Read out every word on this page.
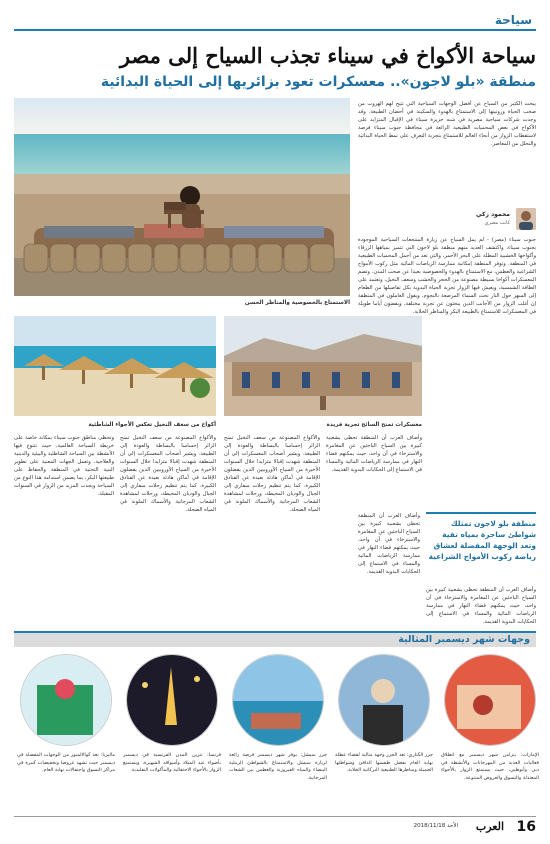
سياحة
سياحة الأكواخ في سيناء تجذب السياح إلى مصر
منطقة «بلو لاجون».. معسكرات تعود بزائريها إلى الحياة البدائية
يبحث الكثير من السياح عن أفضل الوجهات السياحية التي تتيح لهم الهروب من صخب الحياة وروتينها إلى الاستمتاع بالهدوء والسكينة في أحضان الطبيعة. وقد وجدت شركات سياحية مصرية في شبه جزيرة سيناء في الإقبال المتزايد على الأكواخ في بعض المحميات الطبيعية الرائعة في محافظة جنوب سيناء فرصة لاستقطاب الزوار من أنحاء العالم للاستمتاع بتجربة التعرف على نمط الحياة البدائية والتحلل من المعاصر.
الاستمتاع بالخصوصية والمناظر الحسن
محمود زكي
كاتب مصري
جنوب سيناء (مصر) - لم يمل السياح عن زيارة المنتجعات السياحية الموجودة بجنوب سيناء، واكتشف العديد منهم منطقة بلو لاجون التي تتميز بمياهها الزرقاء وأكواخها الخشبية المطلة على البحر الأحمر، والتي تعد من أجمل المحميات الطبيعية في المنطقة. وتوفر المنطقة إمكانية ممارسة الرياضات المائية مثل ركوب الأمواج الشراعية والغطس، مع الاستمتاع بالهدوء والخصوصية بعيدا عن صخب المدن. وتضم المعسكرات أكواخا بسيطة مصنوعة من الحجر والخشب وسعف النخيل، وتعتمد على الطاقة الشمسية، ويعيش فيها الزوار تجربة الحياة البدوية بكل تفاصيلها من الطعام إلى السهر حول النار تحت السماء المرصعة بالنجوم. ويقول العاملون في المنطقة إن أغلب الزوار من الأجانب الذين يبحثون عن تجربة مختلفة، ويقضون أياما طويلة في المعسكرات للاستمتاع بالطبيعة البكر والمناظر الخلابة.
منطقة بلو لاجون تمتلك شواطئ ساحرة بمياه نقية وتعد الوجهة المفضلة لعشاق رياضة ركوب الأمواج الشراعية
وأضاف العرب أن المنطقة تحظى بشعبية كبيرة بين السياح الباحثين عن المغامرة والاسترخاء في آن واحد، حيث يمكنهم قضاء النهار في ممارسة الرياضات المائية والمساء في الاستماع إلى الحكايات البدوية القديمة.
وأضاف العرب أن المنطقة تحظى بشعبية كبيرة بين السياح الباحثين عن المغامرة والاسترخاء في آن واحد، حيث يمكنهم قضاء النهار في ممارسة الرياضات المائية والمساء في الاستماع إلى الحكايات البدوية القديمة.
معسكرات تمنح السائح تجربة فريدة
أكواخ من سعف النخيل تعكس الأجواء الشاطئية
والأكواخ المصنوعة من سعف النخيل تمنح الزائر إحساسا بالبساطة والعودة إلى الطبيعة. ويشير أصحاب المعسكرات إلى أن المنطقة شهدت إقبالا متزايدا خلال السنوات الأخيرة من السياح الأوروبيين الذين يفضلون الإقامة في أماكن هادئة بعيدة عن الفنادق الكبيرة. كما يتم تنظيم رحلات سفاري إلى الجبال والوديان المحيطة، ورحلات لمشاهدة الشعاب المرجانية والأسماك الملونة في المياه الضحلة.
وأضاف العرب أن المنطقة تحظى بشعبية كبيرة بين السياح الباحثين عن المغامرة والاسترخاء في آن واحد، حيث يمكنهم قضاء النهار في ممارسة الرياضات المائية والمساء في الاستماع إلى الحكايات البدوية القديمة.
والأكواخ المصنوعة من سعف النخيل تمنح الزائر إحساسا بالبساطة والعودة إلى الطبيعة. ويشير أصحاب المعسكرات إلى أن المنطقة شهدت إقبالا متزايدا خلال السنوات الأخيرة من السياح الأوروبيين الذين يفضلون الإقامة في أماكن هادئة بعيدة عن الفنادق الكبيرة. كما يتم تنظيم رحلات سفاري إلى الجبال والوديان المحيطة، ورحلات لمشاهدة الشعاب المرجانية والأسماك الملونة في المياه الضحلة.
وتحظى مناطق جنوب سيناء بمكانة خاصة على خريطة السياحة العالمية، حيث تتنوع فيها الأنشطة بين السياحة الشاطئية والبيئية والدينية والعلاجية. وتعمل الجهات المعنية على تطوير البنية التحتية في المنطقة والحفاظ على طبيعتها البكر، بما يضمن استدامة هذا النوع من السياحة ويجذب المزيد من الزوار في السنوات المقبلة.
وجهات شهر ديسمبر المثالية
الإمارات: يتزامن شهر ديسمبر مع انطلاق فعاليات العديد من المهرجانات والأنشطة في دبي وأبوظبي، حيث يستمتع الزوار بالأجواء المعتدلة والتسوق والعروض المتنوعة.
جزر الكناري: تعد الجزر وجهة مثالية لقضاء عطلة نهاية العام بفضل طقسها الدافئ وشواطئها الجميلة ومناظرها الطبيعية البركانية الخلابة.
جزر سيشل: يوفر شهر ديسمبر فرصة رائعة لزيارة سيشل والاستمتاع بالشواطئ الرملية البيضاء والمياه الفيروزية والغطس بين الشعاب المرجانية.
فرنسا: تتزين المدن الفرنسية في ديسمبر بأضواء عيد الميلاد وأسواقه الشهيرة، ويستمتع الزوار بالأجواء الاحتفالية والمأكولات التقليدية.
ماليزيا: تعد كوالالمبور من الوجهات المفضلة في ديسمبر حيث تشهد عروضا وتخفيضات كبيرة في مراكز التسوق واحتفالات نهاية العام.
16
العرب
الأحد 2018/11/18
